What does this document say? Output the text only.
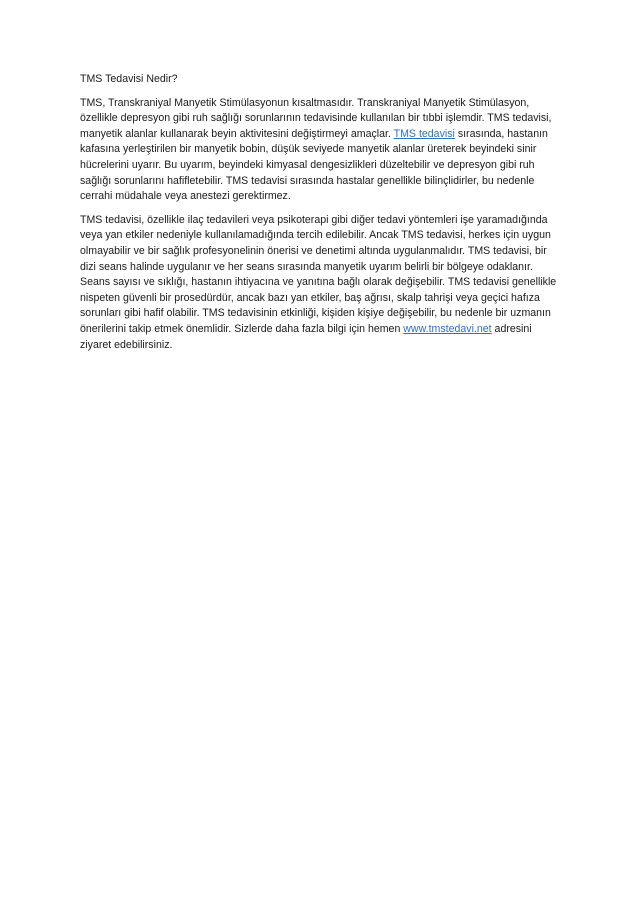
TMS Tedavisi Nedir?

TMS, Transkraniyal Manyetik Stimülasyonun kısaltmasıdır. Transkraniyal Manyetik Stimülasyon, özellikle depresyon gibi ruh sağlığı sorunlarının tedavisinde kullanılan bir tıbbi işlemdir. TMS tedavisi, manyetik alanlar kullanarak beyin aktivitesini değiştirmeyi amaçlar. TMS tedavisi sırasında, hastanın kafasına yerleştirilen bir manyetik bobin, düşük seviyede manyetik alanlar üreterek beyindeki sinir hücrelerini uyarır. Bu uyarım, beyindeki kimyasal dengesizlikleri düzeltebilir ve depresyon gibi ruh sağlığı sorunlarını hafifletebilir. TMS tedavisi sırasında hastalar genellikle bilinçlidirler, bu nedenle cerrahi müdahale veya anestezi gerektirmez.

TMS tedavisi, özellikle ilaç tedavileri veya psikoterapi gibi diğer tedavi yöntemleri işe yaramadığında veya yan etkiler nedeniyle kullanılamadığında tercih edilebilir. Ancak TMS tedavisi, herkes için uygun olmayabilir ve bir sağlık profesyonelinin önerisi ve denetimi altında uygulanmalıdır. TMS tedavisi, bir dizi seans halinde uygulanır ve her seans sırasında manyetik uyarım belirli bir bölgeye odaklanır. Seans sayısı ve sıklığı, hastanın ihtiyacına ve yanıtına bağlı olarak değişebilir. TMS tedavisi genellikle nispeten güvenli bir prosedürdür, ancak bazı yan etkiler, baş ağrısı, skalp tahrişi veya geçici hafıza sorunları gibi hafif olabilir. TMS tedavisinin etkinliği, kişiden kişiye değişebilir, bu nedenle bir uzmanın önerilerini takip etmek önemlidir. Sizlerde daha fazla bilgi için hemen www.tmstedavi.net adresini ziyaret edebilirsiniz.
